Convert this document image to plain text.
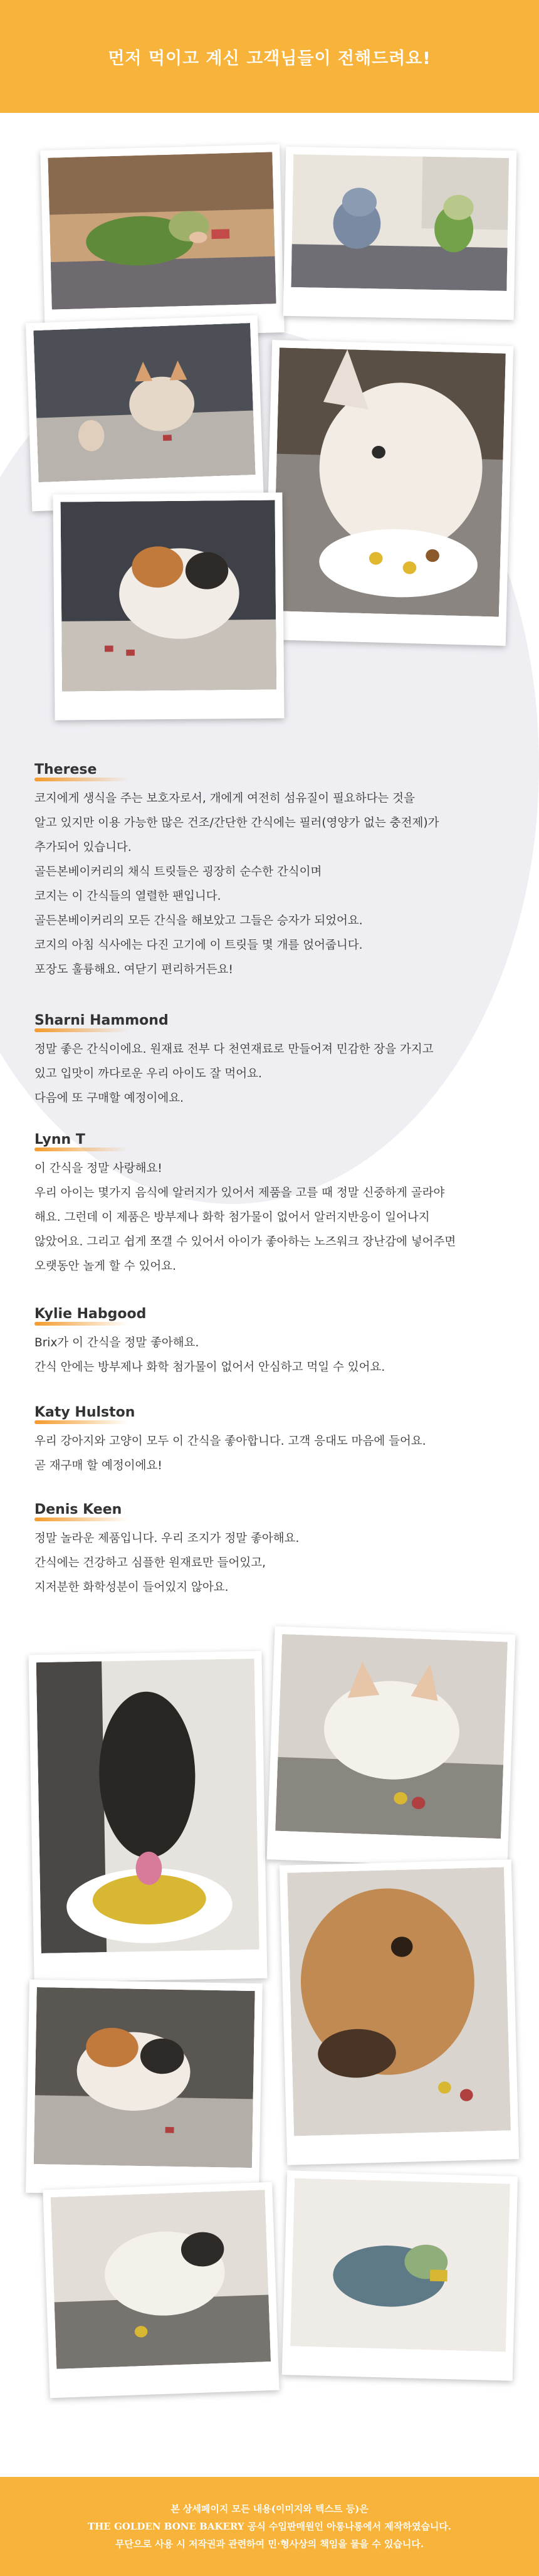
먼저 먹이고 계신 고객님들이 전해드려요!
Therese
코지에게 생식을 주는 보호자로서, 개에게 여전히 섬유질이 필요하다는 것을
알고 있지만 이용 가능한 많은 건조/간단한 간식에는 필러(영양가 없는 충전제)가
추가되어 있습니다.
골든본베이커리의 채식 트릿들은 굉장히 순수한 간식이며
코지는 이 간식들의 열렬한 팬입니다.
골든본베이커리의 모든 간식을 해보았고 그들은 승자가 되었어요.
코지의 아침 식사에는 다진 고기에 이 트릿들 몇 개를 얹어줍니다.
포장도 훌륭해요. 여닫기 편리하거든요!
Sharni Hammond
정말 좋은 간식이에요. 원재료 전부 다 천연재료로 만들어져 민감한 장을 가지고
있고 입맛이 까다로운 우리 아이도 잘 먹어요.
다음에 또 구매할 예정이에요.
Lynn T
이 간식을 정말 사랑해요!
우리 아이는 몇가지 음식에 알러지가 있어서 제품을 고를 때 정말 신중하게 골라야
해요. 그런데 이 제품은 방부제나 화학 첨가물이 없어서 알러지반응이 일어나지
않았어요. 그리고 쉽게 쪼갤 수 있어서 아이가 좋아하는 노즈워크 장난감에 넣어주면
오랫동안 놀게 할 수 있어요.
Kylie Habgood
Brix가 이 간식을 정말 좋아해요.
간식 안에는 방부제나 화학 첨가물이 없어서 안심하고 먹일 수 있어요.
Katy Hulston
우리 강아지와 고양이 모두 이 간식을 좋아합니다. 고객 응대도 마음에 들어요.
곧 재구매 할 예정이에요!
Denis Keen
정말 놀라운 제품입니다. 우리 조지가 정말 좋아해요.
간식에는 건강하고 심플한 원재료만 들어있고,
지저분한 화학성분이 들어있지 않아요.
본 상세페이지 모든 내용(이미지와 텍스트 등)은
THE GOLDEN BONE BAKERY 공식 수입판매원인 아롱나롱에서 제작하였습니다.
무단으로 사용 시 저작권과 관련하여 민·형사상의 책임을 물을 수 있습니다.
